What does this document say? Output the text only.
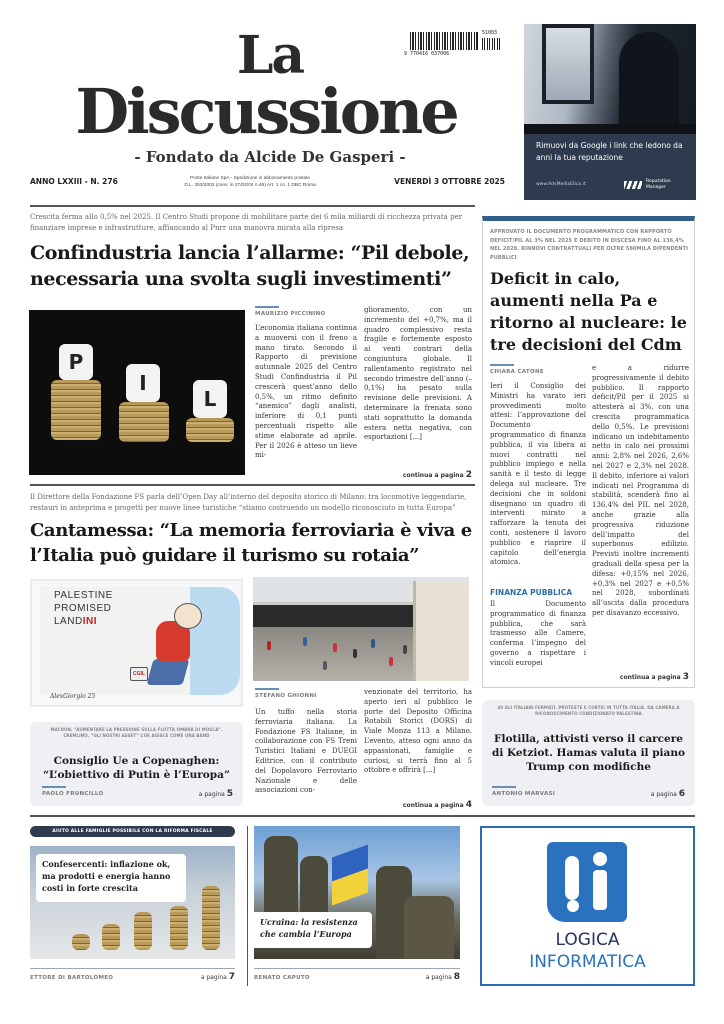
La
Discussione
- Fondato da Alcide De Gasperi -
9 770416 037006
51003
ANNO LXXIII - N. 276	Poste Italiane SpA - Spedizione in abbonamento postale
D.L. 353/2003 (conv. in 27/02/04 n.46) Art. 1 co. 1 DBC Roma	VENERDÌ 3 OTTOBRE 2025
Rimuovi da Google i link che ledono da anni la tua reputazione
www.AdvMediaEtica.it
Reputation Manager
Crescita ferma allo 0,5% nel 2025. Il Centro Studi propone di mobilitare parte dei 6 mila miliardi di ricchezza privata per finanziare imprese e infrastrutture, affiancando al Pnrr una manovra mirata alla ripresa
Confindustria lancia l’allarme: “Pil debole, necessaria una svolta sugli investimenti”
P
I
L
MAURIZIO PICCININO
L’economia italiana continua a muoversi con il freno a mano tirato. Secondo il Rapporto di previsione autunnale 2025 del Centro Studi Confindustria il Pil crescerà quest’anno dello 0,5%, un ritmo definito “anemico” dagli analisti, inferiore di 0,1 punti percentuali rispetto alle stime elaborate ad aprile. Per il 2026 è atteso un lieve mi-
glioramento, con un incremento del +0,7%, ma il quadro complessivo resta fragile e fortemente esposto ai venti contrari della congiuntura globale. Il rallentamento registrato nel secondo trimestre dell’anno (–0,1%) ha pesato sulla revisione delle previsioni. A determinare la frenata sono stati soprattutto la domanda estera netta negativa, con esportazioni [...]
continua a pagina 2
APPROVATO IL DOCUMENTO PROGRAMMATICO CON RAPPORTO DEFICIT/PIL AL 3% NEL 2025 E DEBITO IN DISCESA FINO AL 136,4% NEL 2028. RINNOVI CONTRATTUALI PER OLTRE 580MILA DIPENDENTI PUBBLICI
Deficit in calo, aumenti nella Pa e ritorno al nucleare: le tre decisioni del Cdm
CHIARA CATONE
Ieri il Consiglio dei Ministri ha varato ieri provvedimenti molto attesi: l’approvazione del Documento programmatico di finanza pubblica, il via libera ai nuovi contratti nel pubblico impiego e nella sanità e il testo di legge delega sul nucleare. Tre decisioni che in soldoni disegnano un quadro di interventi mirato a rafforzare la tenuta dei conti, sostenere il lavoro pubblico e riaprire il capitolo dell’energia atomica.
FINANZA PUBBLICA
Il Documento programmatico di finanza pubblica, che sarà trasmesso alle Camere, conferma l’impegno del governo a rispettare i vincoli europei
e a ridurre progressivamente il debito pubblico. Il rapporto deficit/Pil per il 2025 si attesterà al 3%, con una crescita programmatica dello 0,5%. Le previsioni indicano un indebitamento netto in calo nei prossimi anni: 2,8% nel 2026, 2,6% nel 2027 e 2,3% nel 2028. Il debito, inferiore ai valori indicati nel Programma di stabilità, scenderà fino al 136,4% del PIL nel 2028, anche grazie alla progressiva riduzione dell’impatto del superbonus edilizio. Previsti inoltre incrementi graduali della spesa per la difesa: +0,15% nel 2026, +0,3% nel 2027 e +0,5% nel 2028, subordinati all’uscita dalla procedura per disavanzo eccessivo.
continua a pagina 3
Il Direttore della Fondazione FS parla dell’Open Day all’interno del deposito storico di Milano: tra locomotive leggendarie, restauri in anteprima e progetti per nuove linee turistiche “stiamo costruendo un modello riconosciuto in tutta Europa”
Cantamessa: “La memoria ferroviaria è viva e l’Italia può guidare il turismo su rotaia”
PALESTINE
PROMISED
LANDINI
CGIL
AlexGiorgio 25	STEFANO GHIONNI
Un tuffo nella storia ferroviaria italiana. La Fondazione FS Italiane, in collaborazione con FS Treni Turistici Italiani e DUEGI Editrice, con il contributo del Dopolavoro Ferroviario Nazionale e delle associazioni con-
venzionate del territorio, ha aperto ieri al pubblico le porte del Deposito Officina Rotabili Storici (DORS) di Viale Monza 113 a Milano. L’evento, atteso ogni anno da appassionati, famiglie e curiosi, si terrà fino al 5 ottobre e offrirà [...]
continua a pagina 4
MACRON, “AUMENTARE LA PRESSIONE SULLA FLOTTA OMBRA DI MOSCA”. CREMLINO, “GLI NOSTRI ASSET” L’UE AGISCE COME UNA BAND
Consiglio Ue a Copenaghen: “L’obiettivo di Putin è l’Europa”
PAOLO FRUNCILLO	a pagina 5
40 GLI ITALIANI FERMATI. PROTESTE E CORTEI IN TUTTA ITALIA. DA CAMERA A RICONOSCIMENTO CONDIZIONATO PALESTINA
Flotilla, attivisti verso il carcere di Ketziot. Hamas valuta il piano Trump con modifiche
ANTONIO MARVASI	a pagina 6
AIUTO ALLE FAMIGLIE POSSIBILE CON LA RIFORMA FISCALE
Confesercenti: inflazione ok, ma prodotti e energia hanno costi in forte crescita
ETTORE DI BARTOLOMEO	a pagina 7
Ucraina: la resistenza che cambia l’Europa
RENATO CAPUTO	a pagina 8
LOGICA
INFORMATICA
